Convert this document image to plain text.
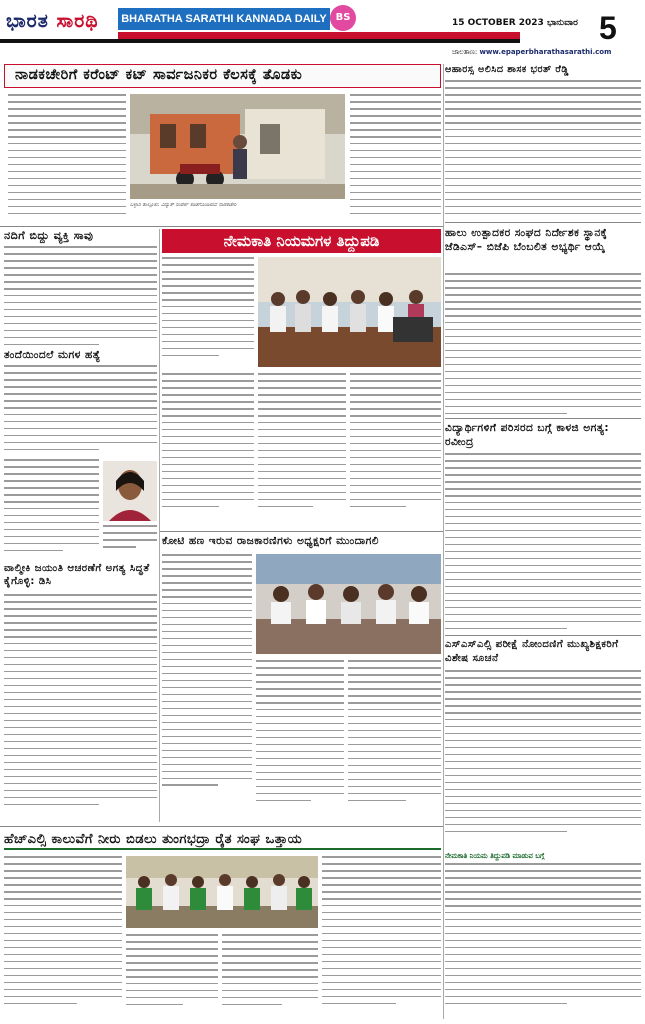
ಭಾರತ ಸಾರಥಿ BHARATHA SARATHI KANNADA DAILY BS	15 OCTOBER 2023 ಭಾನುವಾರ 5
ಜಾಲತಾಣ: www.epaperbharathasarathi.com
ನಾಡಕಚೇರಿಗೆ ಕರೆಂಟ್ ಕಟ್ ಸಾರ್ವಜನಿಕರ ಕೆಲಸಕ್ಕೆ ತೊಡಕು
ಬಳ್ಳಾರಿ ತಾಲ್ಲೂಕು: ವಿದ್ಯುತ್ ಸಂಪರ್ಕ ಕಡಿತಗೊಂಡಿರುವ ನಾಡಕಚೇರಿ
ಆಹಾರಸ್ಸ ಅಲಿಸಿದ ಶಾಸಕ ಭರತ್ ರೆಡ್ಡಿ
ನದಿಗೆ ಬಿದ್ದು ವ್ಯಕ್ತಿ ಸಾವು
ತಂದೆಯಿಂದಲೆ ಮಗಳ ಹತ್ಯೆ
ವಾಲ್ಮೀಕಿ ಜಯಂತಿ ಆಚರಣೆಗೆ ಅಗತ್ಯ ಸಿದ್ಧತೆ ಕೈಗೊಳ್ಳಿ: ಡಿಸಿ
ನೇಮಕಾತಿ ನಿಯಮಗಳ ತಿದ್ದುಪಡಿ
ಕೋಟಿ ಹಣ ಇರುವ ರಾಜಕಾರಣಿಗಳು ಅಧ್ಯಕ್ಷರಿಗೆ ಮುಂದಾಗಲಿ
ಹಾಲು ಉತ್ಪಾದಕರ ಸಂಘದ ನಿರ್ದೇಶಕ ಸ್ಥಾನಕ್ಕೆ ಜೆಡಿಎಸ್– ಬಿಜೆಪಿ ಬೆಂಬಲಿತ ಅಭ್ಯರ್ಥಿ ಆಯ್ಕೆ
ವಿದ್ಯಾರ್ಥಿಗಳಿಗೆ ಪರಿಸರದ ಬಗ್ಗೆ ಕಾಳಜಿ ಅಗತ್ಯ: ರವೀಂದ್ರ
ಎಸ್ಎಸ್ಎಲ್ಸಿ ಪರೀಕ್ಷೆ ನೋಂದಣಿಗೆ ಮುಖ್ಯಶಿಕ್ಷಕರಿಗೆ ವಿಶೇಷ ಸೂಚನೆ
ನೇಮಕಾತಿ ನಿಯಮ ತಿದ್ದುಪಡಿ ಮಾಡುವ ಬಗ್ಗೆ
ಹೆಚ್ಎಲ್ಸಿ ಕಾಲುವೆಗೆ ನೀರು ಬಿಡಲು ತುಂಗಭದ್ರಾ ರೈತ ಸಂಘ ಒತ್ತಾಯ
